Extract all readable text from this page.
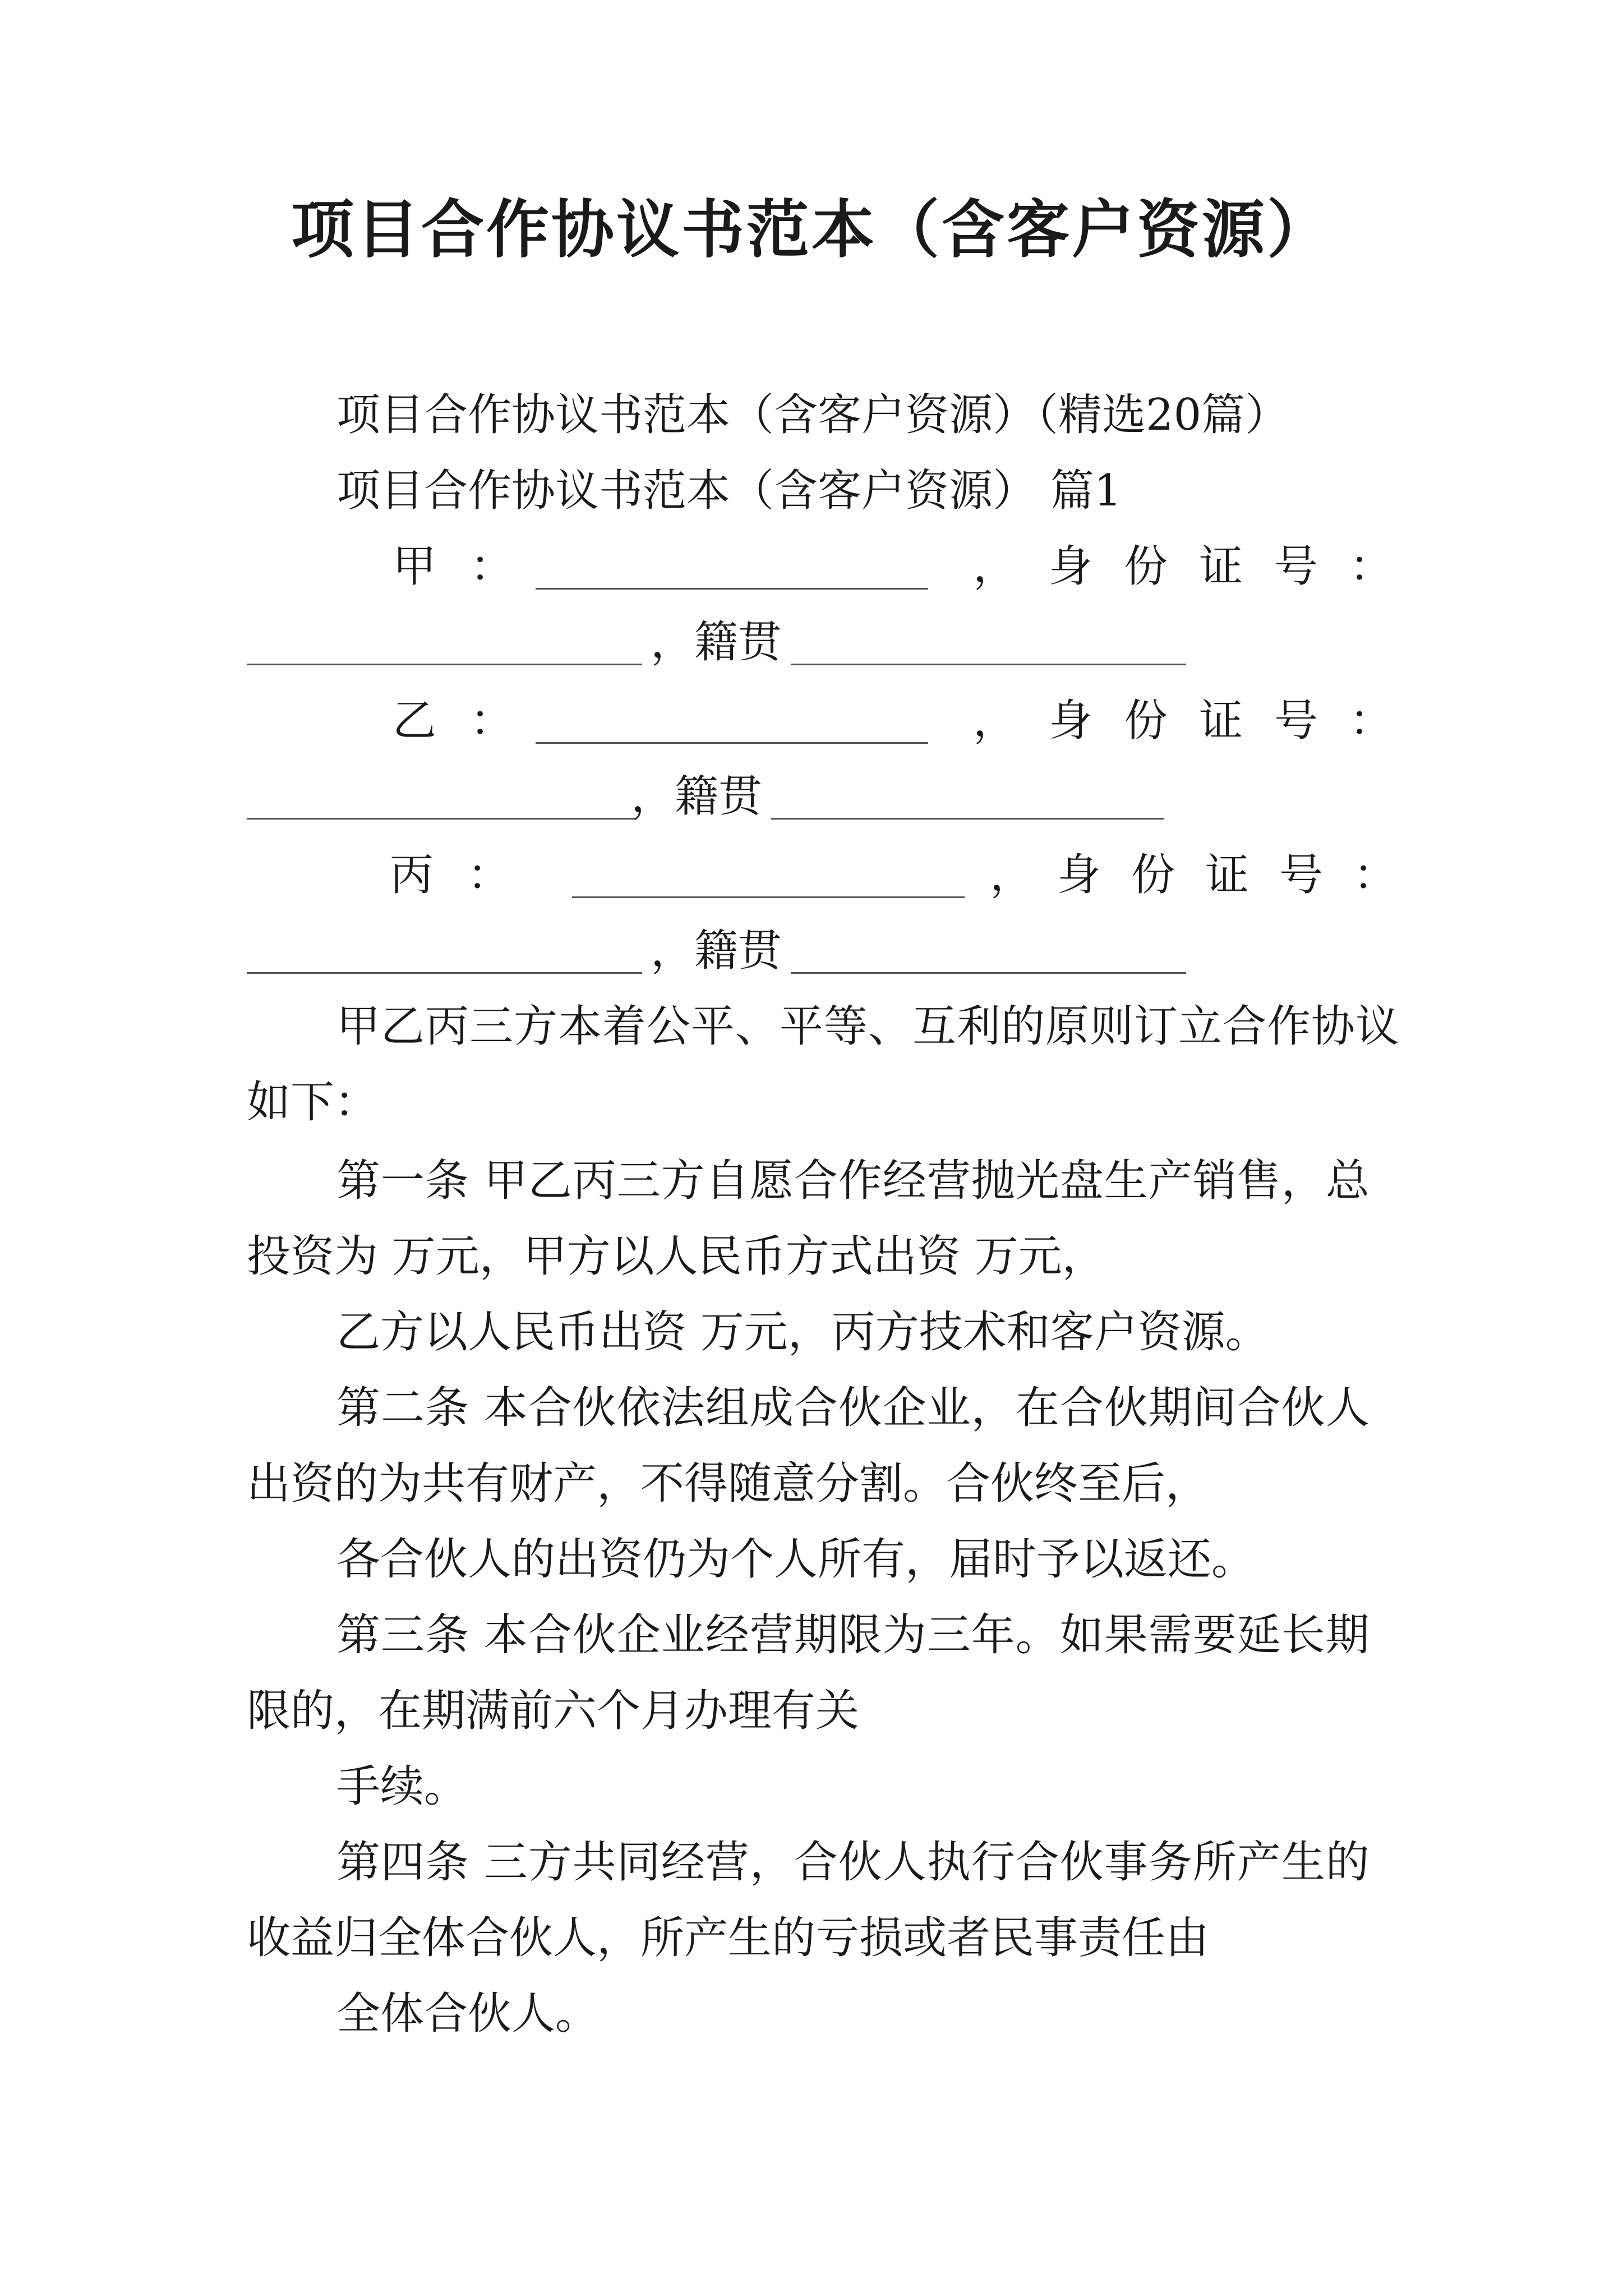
项目合作协议书范本（含客户资源）
项目合作协议书范本（含客户资源）（精选20篇）
项目合作协议书范本（含客户资源） 篇1
甲：	， 身份证号：
，籍贯
乙：	， 身份证号：
，籍贯
丙：	， 身份证号：
，籍贯
甲乙丙三方本着公平、平等、互利的原则订立合作协议
如下：
第一条 甲乙丙三方自愿合作经营抛光盘生产销售，总
投资为 万元，甲方以人民币方式出资 万元，
乙方以人民币出资 万元，丙方技术和客户资源。
第二条 本合伙依法组成合伙企业，在合伙期间合伙人
出资的为共有财产，不得随意分割。合伙终至后，
各合伙人的出资仍为个人所有，届时予以返还。
第三条 本合伙企业经营期限为三年。如果需要延长期
限的，在期满前六个月办理有关
手续。
第四条 三方共同经营，合伙人执行合伙事务所产生的
收益归全体合伙人，所产生的亏损或者民事责任由
全体合伙人。
